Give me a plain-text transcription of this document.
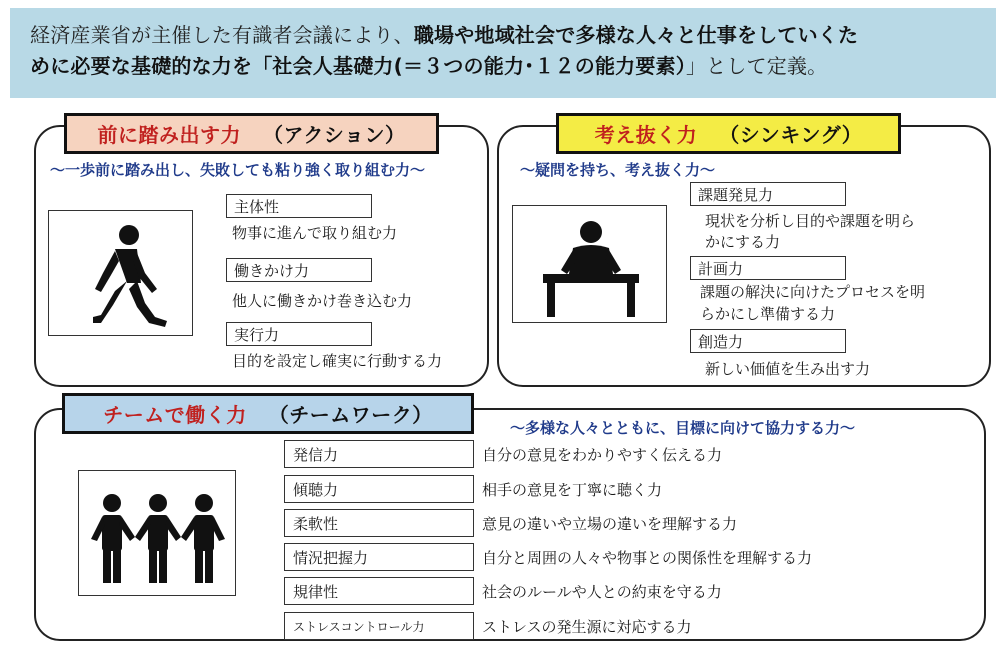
経済産業省が主催した有識者会議により、職場や地域社会で多様な人々と仕事をしていくた
めに必要な基礎的な力を「社会人基礎力(＝３つの能力･１２の能力要素）」として定義。
前に踏み出す力 （アクション）
～一歩前に踏み出し、失敗しても粘り強く取り組む力～
主体性
物事に進んで取り組む力
働きかけ力
他人に働きかけ巻き込む力
実行力
目的を設定し確実に行動する力
考え抜く力 （シンキング）
～疑問を持ち、考え抜く力～
課題発見力
現状を分析し目的や課題を明ら
かにする力
計画力
課題の解決に向けたプロセスを明
らかにし準備する力
創造力
新しい価値を生み出す力
チームで働く力 （チームワーク）
～多様な人々とともに、目標に向けて協力する力～
発信力	自分の意見をわかりやすく伝える力
傾聴力	相手の意見を丁寧に聴く力
柔軟性	意見の違いや立場の違いを理解する力
情況把握力	自分と周囲の人々や物事との関係性を理解する力
規律性	社会のルールや人との約束を守る力
ストレスコントロール力	ストレスの発生源に対応する力
